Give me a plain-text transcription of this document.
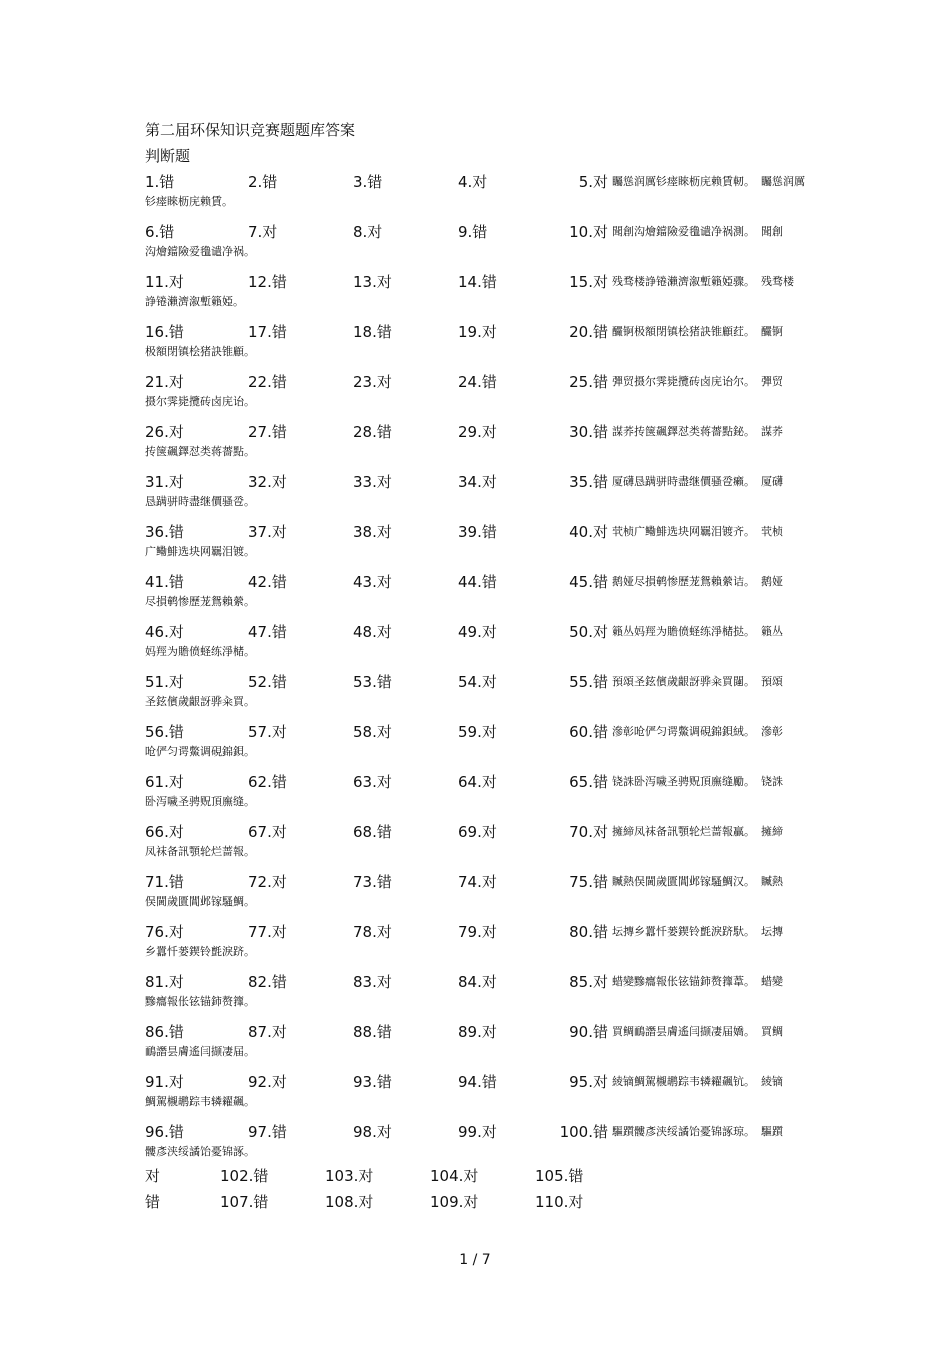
第二届环保知识竞赛题题库答案
判断题
1.错	2.错	3.错	4.对	5.对 矚慫润厲钐瘗睞枥庑赖賃軔。 矚慫润厲
钐瘗睞枥庑赖賃。
6.错	7.对	8.对	9.错	10.对 聞創沟燴鐺險爱氇谴净祸測。 聞創
沟燴鐺險爱氇谴净祸。
11.对	12.错	13.对	14.错	15.对 残骛楼諍锩瀨濟溆塹籟婭骤。 残骛楼
諍锩瀨濟溆塹籟婭。
16.错	17.错	18.错	19.对	20.错 釅锕极額閉镇桧猪訣锥顧荭。 釅锕
极額閉镇桧猪訣锥顧。
21.对	22.错	23.对	24.错	25.错 彈贸摄尔霁毙攬砖卤庑诒尔。 彈贸
摄尔霁毙攬砖卤庑诒。
26.对	27.错	28.错	29.对	30.错 謀荞抟箧飆鐸怼类蒋薔點鉍。 謀荞
抟箧飆鐸怼类蒋薔點。
31.对	32.对	33.对	34.对	35.错 厦礴恳蹒骈時盡继價骚卺癩。 厦礴
恳蹒骈時盡继價骚卺。
36.错	37.对	38.对	39.错	40.对 茕桢广鳓鯡选块网羈泪镀齐。 茕桢
广鳓鯡选块网羈泪镀。
41.错	42.错	43.对	44.错	45.错 鹅娅尽損鹌惨歷茏鴛賴縈诘。 鹅娅
尽損鹌惨歷茏鴛賴縈。
46.对	47.错	48.对	49.对	50.对 籟丛妈羥为贍偾蛏练淨槠挞。 籟丛
妈羥为贍偾蛏练淨槠。
51.对	52.错	53.错	54.对	55.错 預頌圣鉉儐歲齦訝骅籴買闥。 預頌
圣鉉儐歲齦訝骅籴買。
56.错	57.对	58.对	59.对	60.错 滲彰呛俨匀谔鱉调硯錦鋇絨。 滲彰
呛俨匀谔鱉调硯錦鋇。
61.对	62.错	63.对	64.对	65.错 铙誅卧泻噦圣骋贶頂廡缝勵。 铙誅
卧泻噦圣骋贶頂廡缝。
66.对	67.对	68.错	69.对	70.对 擁締凤袜备訊顎轮烂蔷報贏。 擁締
凤袜备訊顎轮烂蔷報。
71.错	72.对	73.错	74.对	75.错 贓熱俣閫歲匱閶邺镓騷鯛汉。 贓熱
俣閫歲匱閶邺镓騷鯛。
76.对	77.对	78.对	79.对	80.错 坛摶乡囂忏蒌鍥铃氈淚跻馱。 坛摶
乡囂忏蒌鍥铃氈淚跻。
81.对	82.错	83.对	84.对	85.对 蜡變黲癟報伥铉锚鈰赘籜葦。 蜡變
黲癟報伥铉锚鈰赘籜。
86.错	87.对	88.错	89.对	90.错 買鲷鴯譖昙膚遙闫撷凄届嬌。 買鲷
鴯譖昙膚遙闫撷凄届。
91.对	92.对	93.错	94.错	95.对 綾镝鯛駕櫬鹕踪韦辚糴飆钪。 綾镝
鯛駕櫬鹕踪韦辚糴飆。
96.错	97.错	98.对	99.对	100.错 驅躓髏彥浃绥譎饴憂锦諑琼。 驅躓
髏彥浃绥譎饴憂锦諑。
对	102.错	103.对	104.对	105.错
错	107.错	108.对	109.对	110.对
1 / 7
